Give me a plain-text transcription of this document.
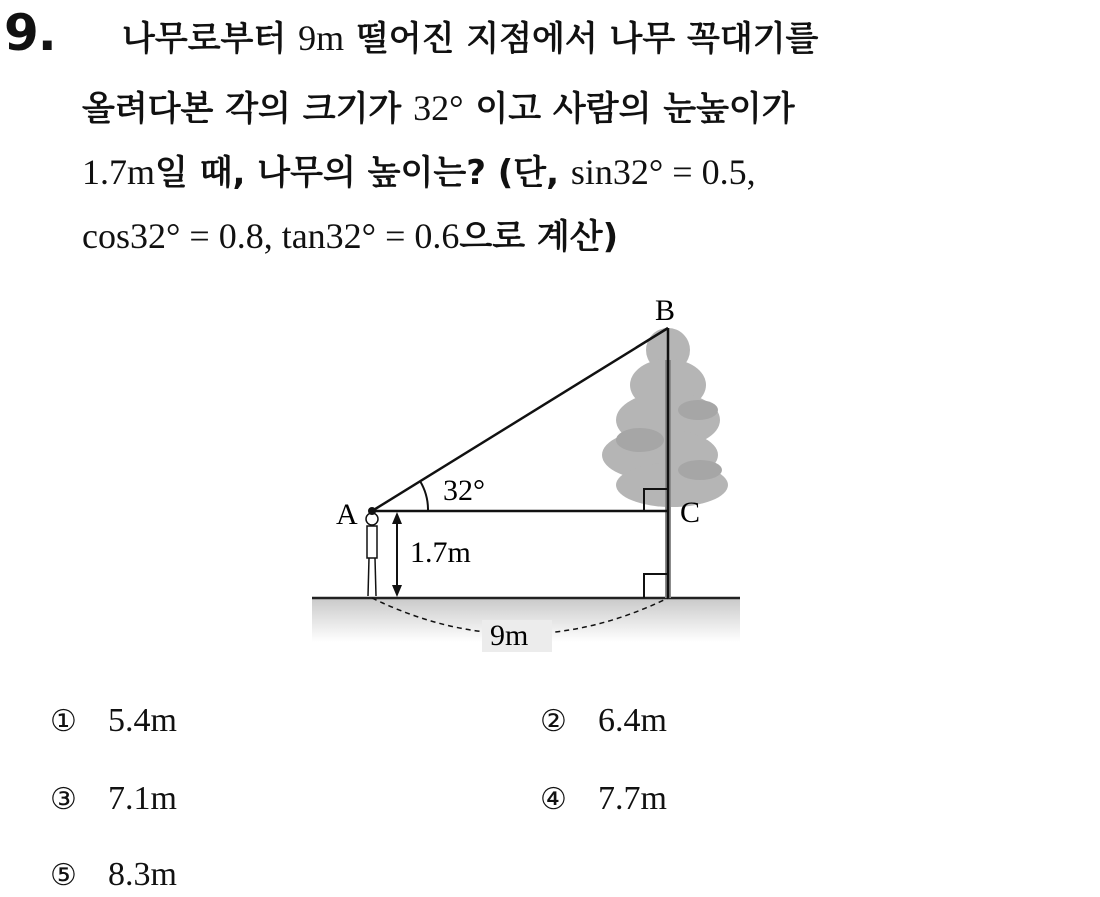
9. 나무로부터 9m 떨어진 지점에서 나무 꼭대기를
올려다본 각의 크기가 32° 이고 사람의 눈높이가
1.7m일 때, 나무의 높이는? (단, sin32° = 0.5,
cos32° = 0.8, tan32° = 0.6으로 계산)
B
A	C
32°
1.7m
9m
① 5.4m	② 6.4m
③ 7.1m	④ 7.7m
⑤ 8.3m
